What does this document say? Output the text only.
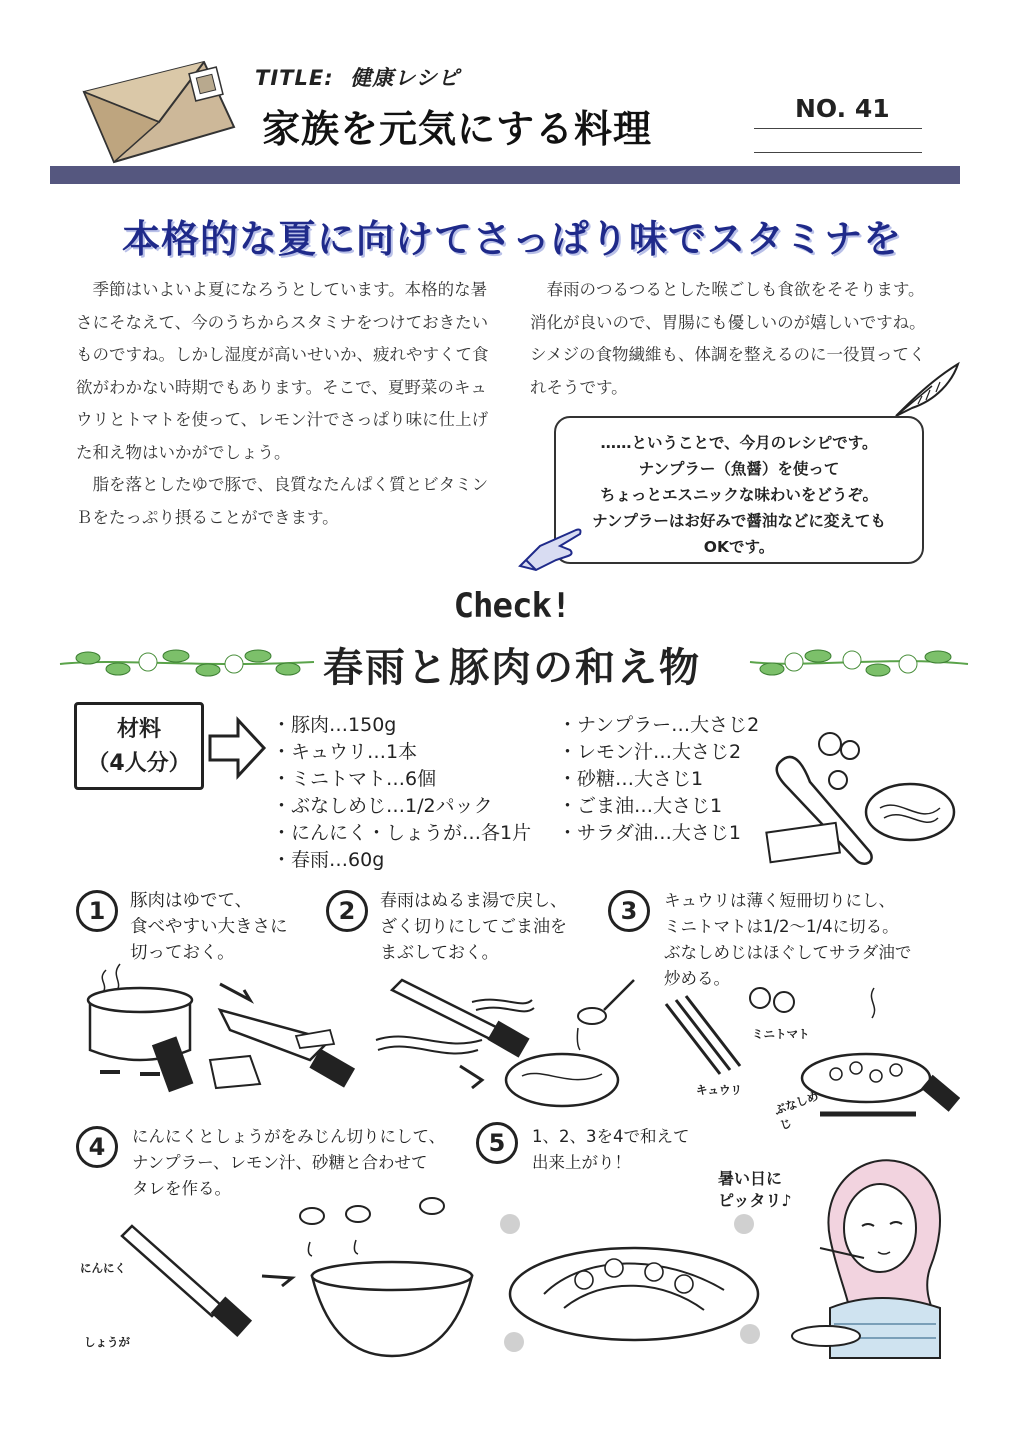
TITLE: 健康レシピ
家族を元気にする料理	NO. 41
本格的な夏に向けてさっぱり味でスタミナを

季節はいよいよ夏になろうとしています。本格的な暑さにそなえて、今のうちからスタミナをつけておきたいものですね。しかし湿度が高いせいか、疲れやすくて食欲がわかない時期でもあります。そこで、夏野菜のキュウリとトマトを使って、レモン汁でさっぱり味に仕上げた和え物はいかがでしょう。

脂を落としたゆで豚で、良質なたんぱく質とビタミンＢをたっぷり摂ることができます。

春雨のつるつるとした喉ごしも食欲をそそります。消化が良いので、胃腸にも優しいのが嬉しいですね。シメジの食物繊維も、体調を整えるのに一役買ってくれそうです。

……ということで、今月のレシピです。
ナンプラー（魚醤）を使って
ちょっとエスニックな味わいをどうぞ。
ナンプラーはお好みで醤油などに変えても
OKです。
Check!
春雨と豚肉の和え物
材料
（4人分）
・ 豚肉…150g
・ キュウリ…1本
・ ミニトマト…6個
・ ぶなしめじ…1/2パック
・ にんにく・しょうが…各1片
・ 春雨…60g
・ ナンプラー…大さじ2
・ レモン汁…大さじ2
・ 砂糖…大さじ1
・ ごま油…大さじ1
・ サラダ油…大さじ1
1	豚肉はゆでて、
食べやすい大きさに
切っておく。
2	春雨はぬるま湯で戻し、
ざく切りにしてごま油を
まぶしておく。
3	キュウリは薄く短冊切りにし、
ミニトマトは1/2～1/4に切る。
ぶなしめじはほぐしてサラダ油で
炒める。
ミニトマト
キュウリ	ぶなしめじ
4	にんにくとしょうがをみじん切りにして、
ナンプラー、レモン汁、砂糖と合わせて
タレを作る。
にんにく
しょうが
5	1、2、3を4で和えて
出来上がり！
暑い日に
ピッタリ♪
